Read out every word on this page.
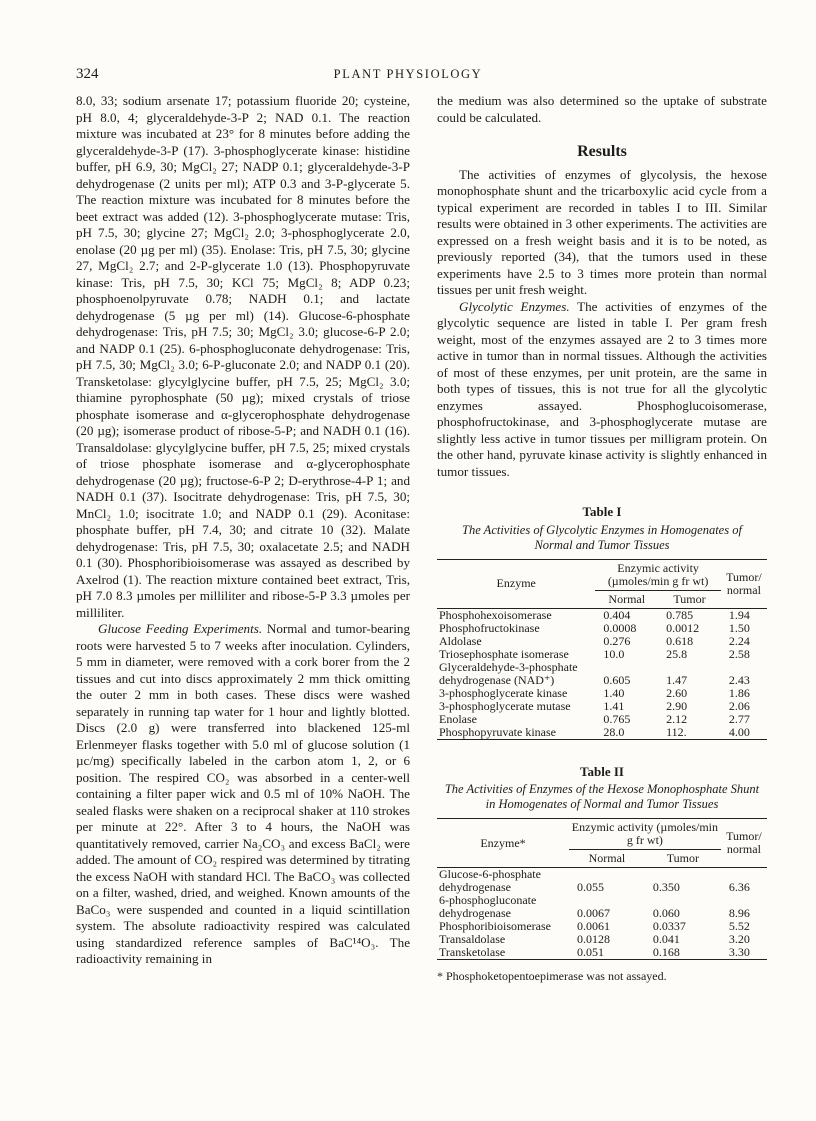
324	PLANT PHYSIOLOGY

8.0, 33; sodium arsenate 17; potassium fluoride 20; cysteine, pH 8.0, 4; glyceraldehyde-3-P 2; NAD 0.1. The reaction mixture was incubated at 23° for 8 minutes before adding the glyceraldehyde-3-P (17). 3-phosphoglycerate kinase: histidine buffer, pH 6.9, 30; MgCl₂ 27; NADP 0.1; glyceraldehyde-3-P dehydrogenase (2 units per ml); ATP 0.3 and 3-P-glycerate 5. The reaction mixture was incubated for 8 minutes before the beet extract was added (12). 3-phosphoglycerate mutase: Tris, pH 7.5, 30; glycine 27; MgCl₂ 2.0; 3-phosphoglycerate 2.0, enolase (20 µg per ml) (35). Enolase: Tris, pH 7.5, 30; glycine 27, MgCl₂ 2.7; and 2-P-glycerate 1.0 (13). Phosphopyruvate kinase: Tris, pH 7.5, 30; KCl 75; MgCl₂ 8; ADP 0.23; phosphoenolpyruvate 0.78; NADH 0.1; and lactate dehydrogenase (5 µg per ml) (14). Glucose-6-phosphate dehydrogenase: Tris, pH 7.5; 30; MgCl₂ 3.0; glucose-6-P 2.0; and NADP 0.1 (25). 6-phosphogluconate dehydrogenase: Tris, pH 7.5, 30; MgCl₂ 3.0; 6-P-gluconate 2.0; and NADP 0.1 (20). Transketolase: glycylglycine buffer, pH 7.5, 25; MgCl₂ 3.0; thiamine pyrophosphate (50 µg); mixed crystals of triose phosphate isomerase and α-glycerophosphate dehydrogenase (20 µg); isomerase product of ribose-5-P; and NADH 0.1 (16). Transaldolase: glycylglycine buffer, pH 7.5, 25; mixed crystals of triose phosphate isomerase and α-glycerophosphate dehydrogenase (20 µg); fructose-6-P 2; D-erythrose-4-P 1; and NADH 0.1 (37). Isocitrate dehydrogenase: Tris, pH 7.5, 30; MnCl₂ 1.0; isocitrate 1.0; and NADP 0.1 (29). Aconitase: phosphate buffer, pH 7.4, 30; and citrate 10 (32). Malate dehydrogenase: Tris, pH 7.5, 30; oxalacetate 2.5; and NADH 0.1 (30). Phosphoribioisomerase was assayed as described by Axelrod (1). The reaction mixture contained beet extract, Tris, pH 7.0 8.3 µmoles per milliliter and ribose-5-P 3.3 µmoles per milliliter.

Glucose Feeding Experiments. Normal and tumor-bearing roots were harvested 5 to 7 weeks after inoculation. Cylinders, 5 mm in diameter, were removed with a cork borer from the 2 tissues and cut into discs approximately 2 mm thick omitting the outer 2 mm in both cases. These discs were washed separately in running tap water for 1 hour and lightly blotted. Discs (2.0 g) were transferred into blackened 125-ml Erlenmeyer flasks together with 5.0 ml of glucose solution (1 µc/mg) specifically labeled in the carbon atom 1, 2, or 6 position. The respired CO₂ was absorbed in a center-well containing a filter paper wick and 0.5 ml of 10% NaOH. The sealed flasks were shaken on a reciprocal shaker at 110 strokes per minute at 22°. After 3 to 4 hours, the NaOH was quantitatively removed, carrier Na₂CO₃ and excess BaCl₂ were added. The amount of CO₂ respired was determined by titrating the excess NaOH with standard HCl. The BaCO₃ was collected on a filter, washed, dried, and weighed. Known amounts of the BaCo₃ were suspended and counted in a liquid scintillation system. The absolute radioactivity respired was calculated using standardized reference samples of BaC¹⁴O₃. The radioactivity remaining in

the medium was also determined so the uptake of substrate could be calculated.

Results

The activities of enzymes of glycolysis, the hexose monophosphate shunt and the tricarboxylic acid cycle from a typical experiment are recorded in tables I to III. Similar results were obtained in 3 other experiments. The activities are expressed on a fresh weight basis and it is to be noted, as previously reported (34), that the tumors used in these experiments have 2.5 to 3 times more protein than normal tissues per unit fresh weight.

Glycolytic Enzymes. The activities of enzymes of the glycolytic sequence are listed in table I. Per gram fresh weight, most of the enzymes assayed are 2 to 3 times more active in tumor than in normal tissues. Although the activities of most of these enzymes, per unit protein, are the same in both types of tissues, this is not true for all the glycolytic enzymes assayed. Phosphoglucoisomerase, phosphofructokinase, and 3-phosphoglycerate mutase are slightly less active in tumor tissues per milligram protein. On the other hand, pyruvate kinase activity is slightly enhanced in tumor tissues.

Table I
The Activities of Glycolytic Enzymes in Homogenates of Normal and Tumor Tissues
Enzyme	Enzymic activity (µmoles/min g fr wt)		Tumor/ normal
	Normal	Tumor	
Phosphohexoisomerase	0.404	0.785	1.94
Phosphofructokinase	0.0008	0.0012	1.50
Aldolase	0.276	0.618	2.24
Triosephosphate isomerase	10.0	25.8	2.58
Glyceraldehyde-3-phosphate dehydrogenase (NAD⁺)	0.605	1.47	2.43
3-phosphoglycerate kinase	1.40	2.60	1.86
3-phosphoglycerate mutase	1.41	2.90	2.06
Enolase	0.765	2.12	2.77
Phosphopyruvate kinase	28.0	112.	4.00
Table II
The Activities of Enzymes of the Hexose Monophosphate Shunt in Homogenates of Normal and Tumor Tissues
Enzyme*	Enzymic activity (µmoles/min g fr wt)		Tumor/ normal
	Normal	Tumor	
Glucose-6-phosphate dehydrogenase	0.055	0.350	6.36
6-phosphogluconate dehydrogenase	0.0067	0.060	8.96
Phosphoribioisomerase	0.0061	0.0337	5.52
Transaldolase	0.0128	0.041	3.20
Transketolase	0.051	0.168	3.30
* Phosphoketopentoepimerase was not assayed.
